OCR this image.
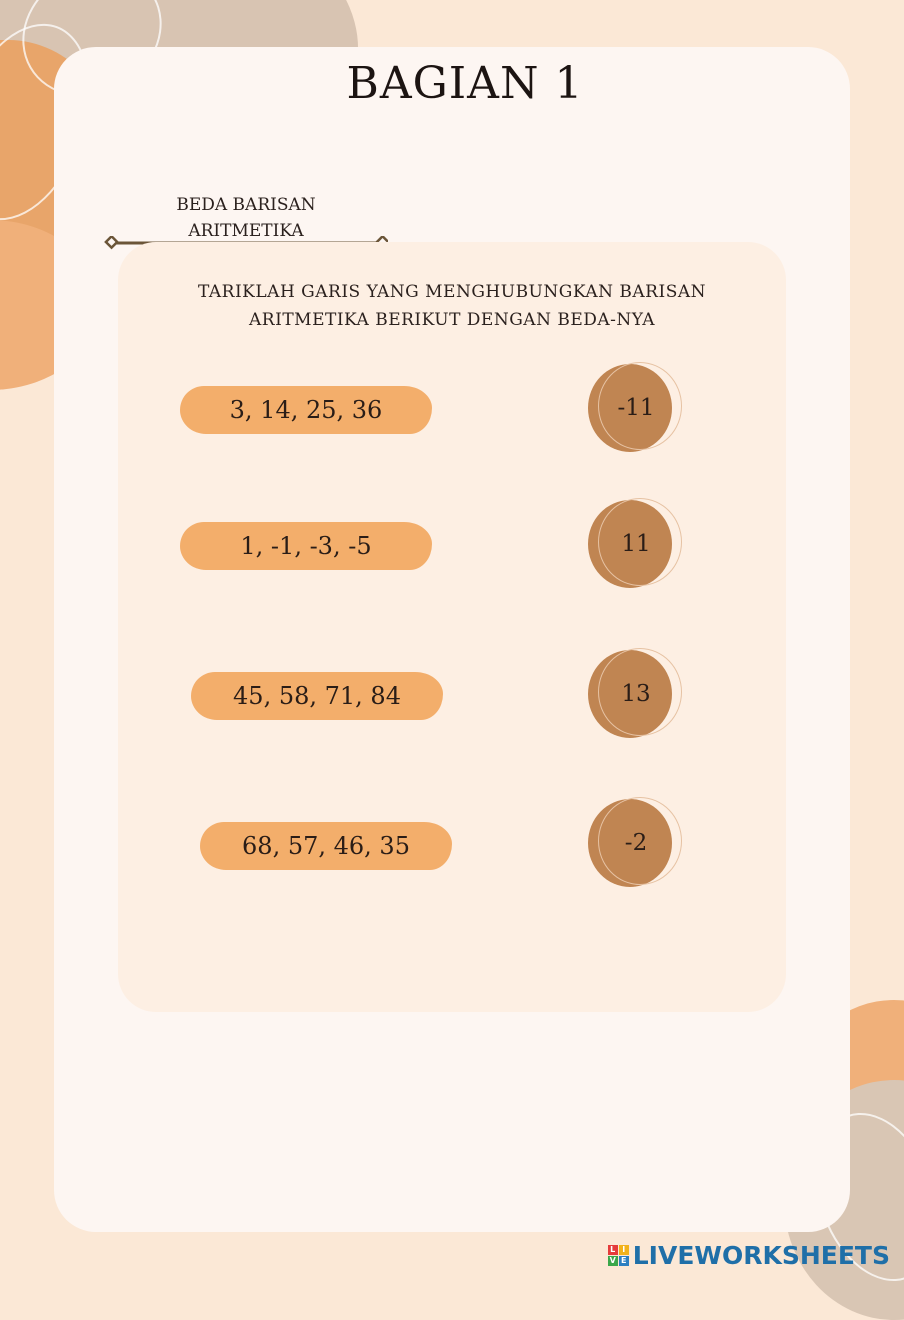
BAGIAN 1
BEDA BARISAN
ARITMETIKA
TARIKLAH GARIS YANG MENGHUBUNGKAN BARISAN
ARITMETIKA BERIKUT DENGAN BEDA-NYA
3, 14, 25, 36
1, -1, -3, -5
45, 58, 71, 84
68, 57, 46, 35
-11
11
13
-2
L I
V E LIVEWORKSHEETS
